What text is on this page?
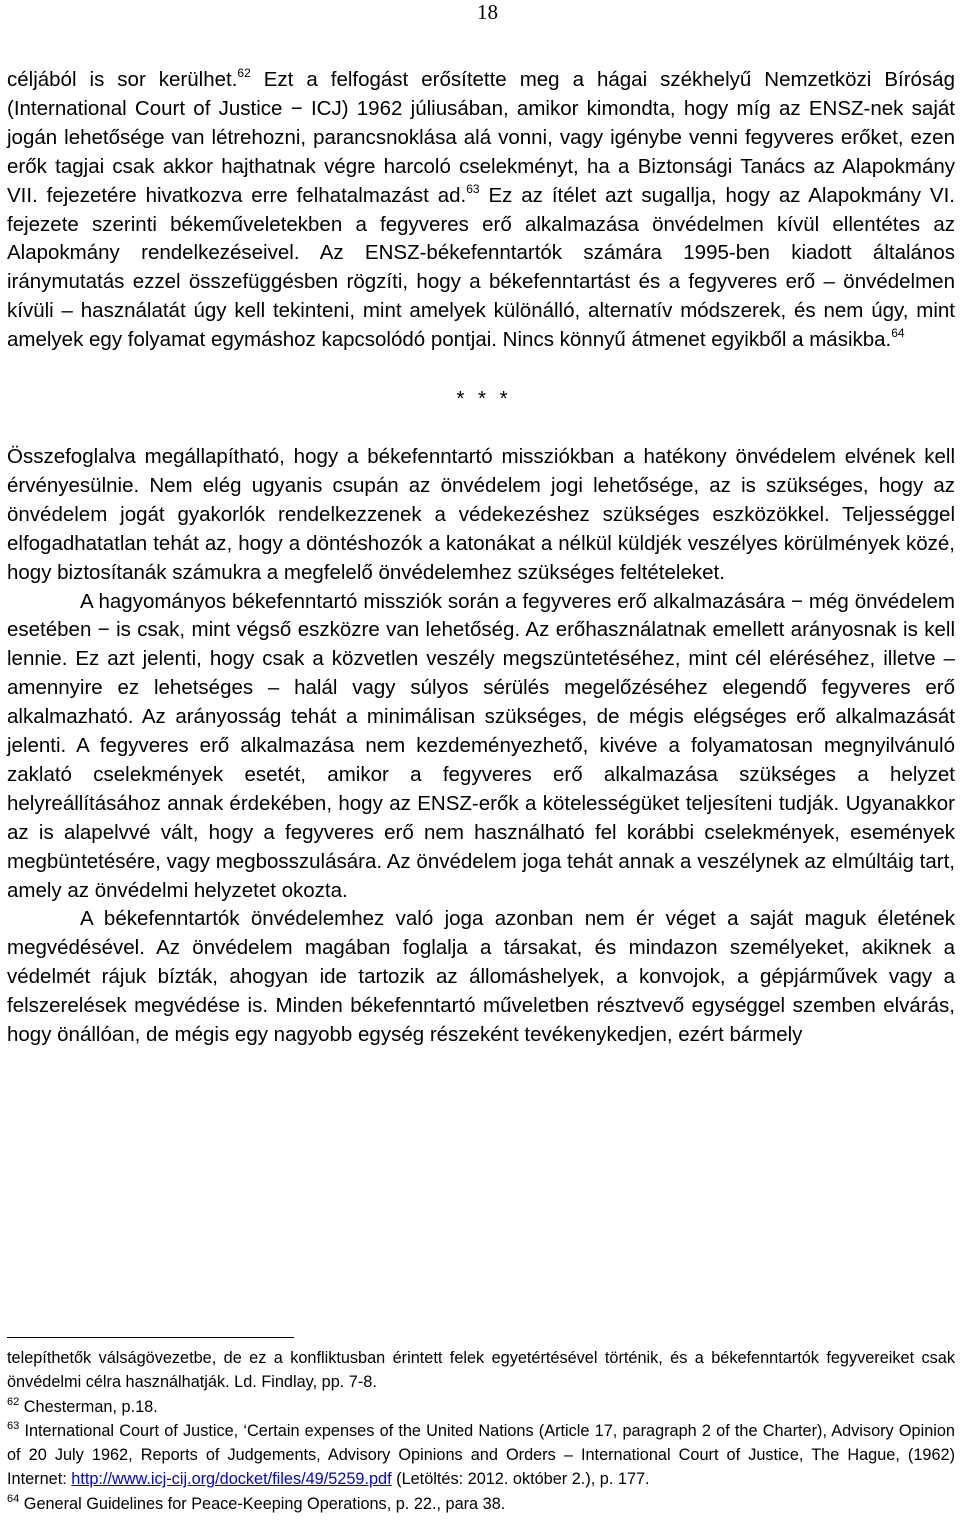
18

céljából is sor kerülhet.$^{62}$ Ezt a felfogást erősítette meg a hágai székhelyű Nemzetközi Bíróság (International Court of Justice − ICJ) 1962 júliusában, amikor kimondta, hogy míg az ENSZ-nek saját jogán lehetősége van létrehozni, parancsnoklása alá vonni, vagy igénybe venni fegyveres erőket, ezen erők tagjai csak akkor hajthatnak végre harcoló cselekményt, ha a Biztonsági Tanács az Alapokmány VII. fejezetére hivatkozva erre felhatalmazást ad.$^{63}$ Ez az ítélet azt sugallja, hogy az Alapokmány VI. fejezete szerinti békeműveletekben a fegyveres erő alkalmazása önvédelmen kívül ellentétes az Alapokmány rendelkezéseivel. Az ENSZ-békefenntartók számára 1995-ben kiadott általános iránymutatás ezzel összefüggésben rögzíti, hogy a békefenntartást és a fegyveres erő – önvédelmen kívüli – használatát úgy kell tekinteni, mint amelyek különálló, alternatív módszerek, és nem úgy, mint amelyek egy folyamat egymáshoz kapcsolódó pontjai. Nincs könnyű átmenet egyikből a másikba.$^{64}$

* * *

Összefoglalva megállapítható, hogy a békefenntartó missziókban a hatékony önvédelem elvének kell érvényesülnie. Nem elég ugyanis csupán az önvédelem jogi lehetősége, az is szükséges, hogy az önvédelem jogát gyakorlók rendelkezzenek a védekezéshez szükséges eszközökkel. Teljességgel elfogadhatatlan tehát az, hogy a döntéshozók a katonákat a nélkül küldjék veszélyes körülmények közé, hogy biztosítanák számukra a megfelelő önvédelemhez szükséges feltételeket.

A hagyományos békefenntartó missziók során a fegyveres erő alkalmazására − még önvédelem esetében − is csak, mint végső eszközre van lehetőség. Az erőhasználatnak emellett arányosnak is kell lennie. Ez azt jelenti, hogy csak a közvetlen veszély megszüntetéséhez, mint cél eléréséhez, illetve – amennyire ez lehetséges – halál vagy súlyos sérülés megelőzéséhez elegendő fegyveres erő alkalmazható. Az arányosság tehát a minimálisan szükséges, de mégis elégséges erő alkalmazását jelenti. A fegyveres erő alkalmazása nem kezdeményezhető, kivéve a folyamatosan megnyilvánuló zaklató cselekmények esetét, amikor a fegyveres erő alkalmazása szükséges a helyzet helyreállításához annak érdekében, hogy az ENSZ-erők a kötelességüket teljesíteni tudják. Ugyanakkor az is alapelvvé vált, hogy a fegyveres erő nem használható fel korábbi cselekmények, események megbüntetésére, vagy megbosszulására. Az önvédelem joga tehát annak a veszélynek az elmúltáig tart, amely az önvédelmi helyzetet okozta.

A békefenntartók önvédelemhez való joga azonban nem ér véget a saját maguk életének megvédésével. Az önvédelem magában foglalja a társakat, és mindazon személyeket, akiknek a védelmét rájuk bízták, ahogyan ide tartozik az állomáshelyek, a konvojok, a gépjárművek vagy a felszerelések megvédése is. Minden békefenntartó műveletben résztvevő egységgel szemben elvárás, hogy önállóan, de mégis egy nagyobb egység részeként tevékenykedjen, ezért bármely

telepíthetők válságövezetbe, de ez a konfliktusban érintett felek egyetértésével történik, és a békefenntartók fegyvereiket csak önvédelmi célra használhatják. Ld. Findlay, pp. 7-8.

$^{62}$ Chesterman, p.18.

$^{63}$ International Court of Justice, ‘Certain expenses of the United Nations (Article 17, paragraph 2 of the Charter), Advisory Opinion of 20 July 1962, Reports of Judgements, Advisory Opinions and Orders – International Court of Justice, The Hague, (1962) Internet: http://www.icj-cij.org/docket/files/49/5259.pdf (Letöltés: 2012. október 2.), p. 177.

$^{64}$ General Guidelines for Peace-Keeping Operations, p. 22., para 38.
